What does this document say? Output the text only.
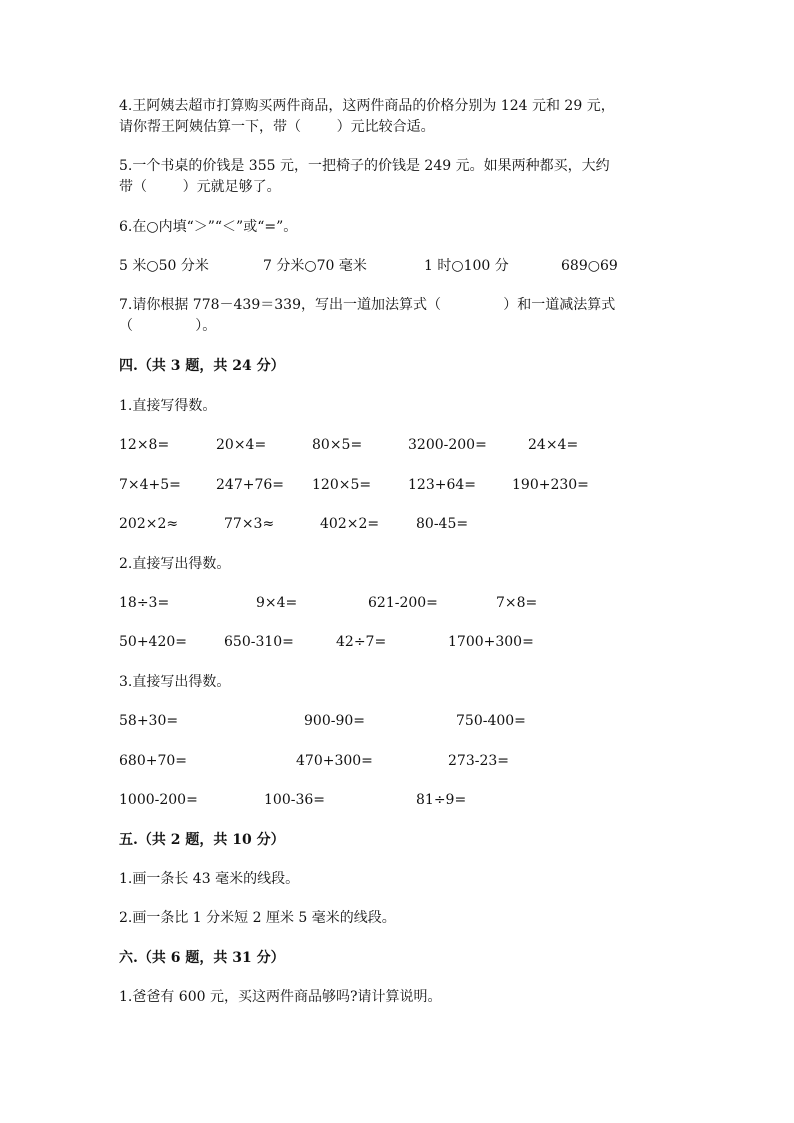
4.王阿姨去超市打算购买两件商品，这两件商品的价格分别为 124 元和 29 元，
请你帮王阿姨估算一下，带（        ）元比较合适。
5.一个书桌的价钱是 355 元，一把椅子的价钱是 249 元。如果两种都买，大约
带（        ）元就足够了。
6.在○内填“＞”“＜”或“=”。
5 米○50 分米	7 分米○70 毫米	1 时○100 分	689○69
7.请你根据 778－439＝339，写出一道加法算式（              ）和一道减法算式
（              ）。
四.（共 3 题，共 24 分）
1.直接写得数。
12×8=	20×4=	80×5=	3200-200=	24×4=
7×4+5=	247+76= 120×5=	123+64=	190+230=
202×2≈	77×3≈	402×2=	80-45=
2.直接写出得数。
18÷3=	9×4=	621-200=	7×8=
50+420=	650-310=	42÷7=	1700+300=
3.直接写出得数。
58+30=	900-90=	750-400=
680+70=	470+300=	273-23=
1000-200=	100-36=	81÷9=
五.（共 2 题，共 10 分）
1.画一条长 43 毫米的线段。
2.画一条比 1 分米短 2 厘米 5 毫米的线段。
六.（共 6 题，共 31 分）
1.爸爸有 600 元，买这两件商品够吗?请计算说明。
